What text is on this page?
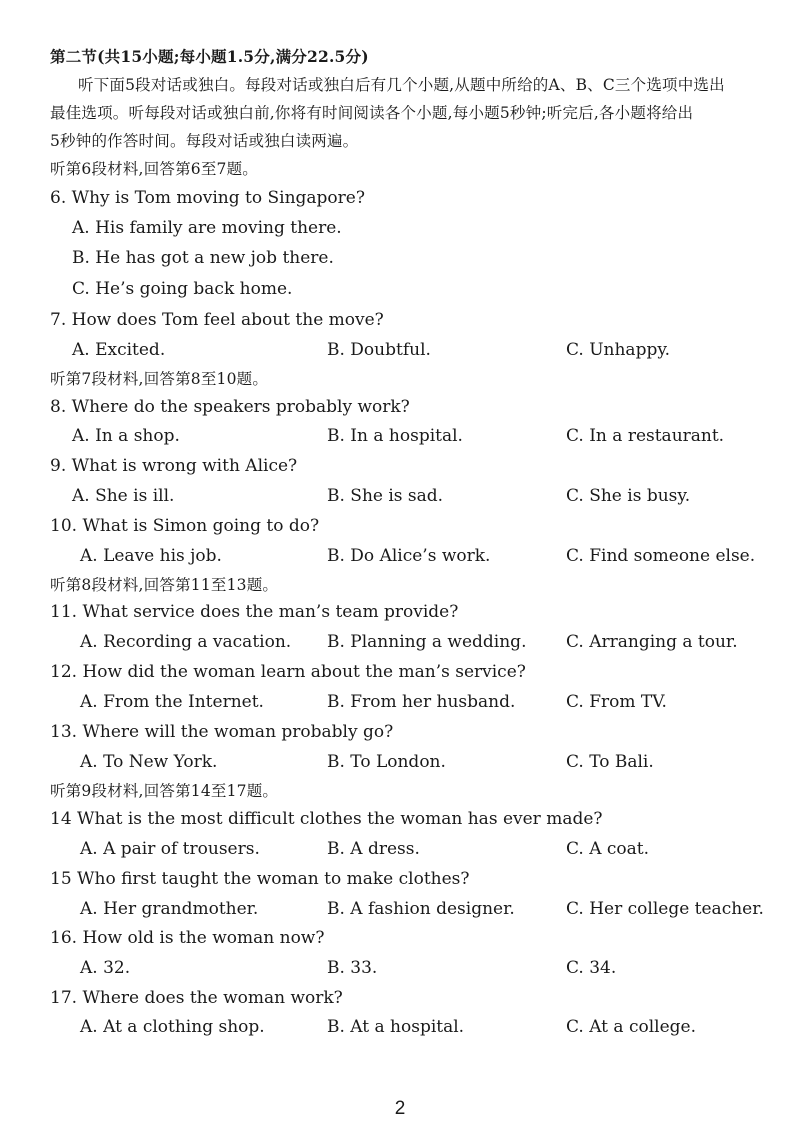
第二节(共15小题;每小题1.5分,满分22.5分)
听下面5段对话或独白。每段对话或独白后有几个小题,从题中所给的A、B、C三个选项中选出
最佳选项。听每段对话或独白前,你将有时间阅读各个小题,每小题5秒钟;听完后,各小题将给出
5秒钟的作答时间。每段对话或独白读两遍。
听第6段材料,回答第6至7题。
6. Why is Tom moving to Singapore?
A. His family are moving there.
B. He has got a new job there.
C. He’s going back home.
7. How does Tom feel about the move?
A. Excited.	B. Doubtful.	C. Unhappy.
听第7段材料,回答第8至10题。
8. Where do the speakers probably work?
A. In a shop.	B. In a hospital.	C. In a restaurant.
9. What is wrong with Alice?
A. She is ill.	B. She is sad.	C. She is busy.
10. What is Simon going to do?
A. Leave his job.	B. Do Alice’s work.	C. Find someone else.
听第8段材料,回答第11至13题。
11. What service does the man’s team provide?
A. Recording a vacation. B. Planning a wedding. C. Arranging a tour.
12. How did the woman learn about the man’s service?
A. From the Internet.	B. From her husband.	C. From TV.
13. Where will the woman probably go?
A. To New York.	B. To London.	C. To Bali.
听第9段材料,回答第14至17题。
14 What is the most difficult clothes the woman has ever made?
A. A pair of trousers.	B. A dress.	C. A coat.
15 Who first taught the woman to make clothes?
A. Her grandmother.	B. A fashion designer.	C. Her college teacher.
16. How old is the woman now?
A. 32.	B. 33.	C. 34.
17. Where does the woman work?
A. At a clothing shop.	B. At a hospital.	C. At a college.
2
